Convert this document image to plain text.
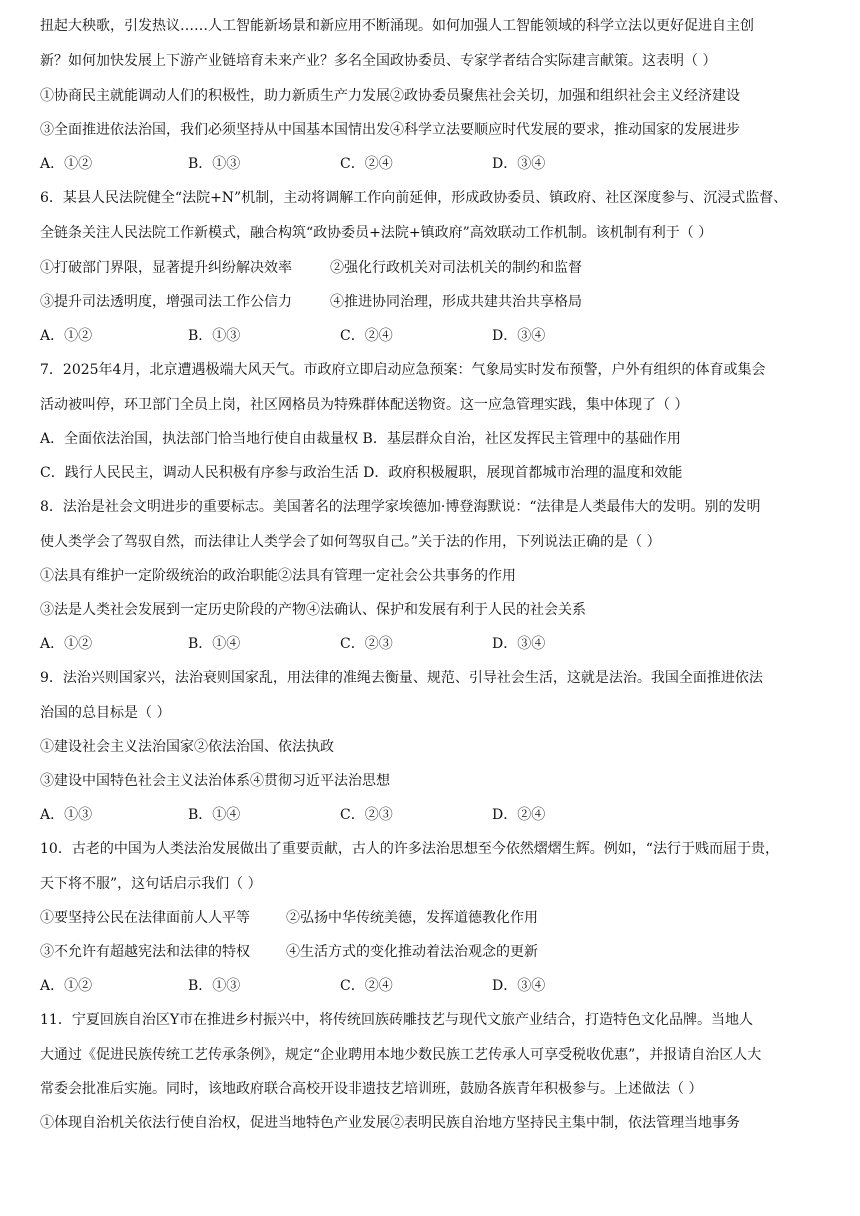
扭起大秧歌，引发热议……人工智能新场景和新应用不断涌现。如何加强人工智能领域的科学立法以更好促进自主创
新？如何加快发展上下游产业链培育未来产业？多名全国政协委员、专家学者结合实际建言献策。这表明（ ）
①协商民主就能调动人们的积极性，助力新质生产力发展②政协委员聚焦社会关切，加强和组织社会主义经济建设
③全面推进依法治国，我们必须坚持从中国基本国情出发④科学立法要顺应时代发展的要求，推动国家的发展进步
A．①②	B．①③	C．②④	D．③④
6．某县人民法院健全“法院+N”机制，主动将调解工作向前延伸，形成政协委员、镇政府、社区深度参与、沉浸式监督、
全链条关注人民法院工作新模式，融合构筑“政协委员+法院+镇政府”高效联动工作机制。该机制有利于（ ）
①打破部门界限，显著提升纠纷解决效率	②强化行政机关对司法机关的制约和监督
③提升司法透明度，增强司法工作公信力	④推进协同治理，形成共建共治共享格局
A．①②	B．①③	C．②④	D．③④
7．2025年4月，北京遭遇极端大风天气。市政府立即启动应急预案：气象局实时发布预警，户外有组织的体育或集会
活动被叫停，环卫部门全员上岗，社区网格员为特殊群体配送物资。这一应急管理实践，集中体现了（ ）
A．全面依法治国，执法部门恰当地行使自由裁量权 B．基层群众自治，社区发挥民主管理中的基础作用
C．践行人民民主，调动人民积极有序参与政治生活 D．政府积极履职，展现首都城市治理的温度和效能
8．法治是社会文明进步的重要标志。美国著名的法理学家埃德加·博登海默说：“法律是人类最伟大的发明。别的发明
使人类学会了驾驭自然，而法律让人类学会了如何驾驭自己。”关于法的作用，下列说法正确的是（ ）
①法具有维护一定阶级统治的政治职能②法具有管理一定社会公共事务的作用
③法是人类社会发展到一定历史阶段的产物④法确认、保护和发展有利于人民的社会关系
A．①②	B．①④	C．②③	D．③④
9．法治兴则国家兴，法治衰则国家乱，用法律的准绳去衡量、规范、引导社会生活，这就是法治。我国全面推进依法
治国的总目标是（ ）
①建设社会主义法治国家②依法治国、依法执政
③建设中国特色社会主义法治体系④贯彻习近平法治思想
A．①③	B．①④	C．②③	D．②④
10．古老的中国为人类法治发展做出了重要贡献，古人的许多法治思想至今依然熠熠生辉。例如，“法行于贱而屈于贵，
天下将不服”，这句话启示我们（ ）
①要坚持公民在法律面前人人平等	②弘扬中华传统美德，发挥道德教化作用
③不允许有超越宪法和法律的特权	④生活方式的变化推动着法治观念的更新
A．①②	B．①③	C．②④	D．③④
11．宁夏回族自治区Y市在推进乡村振兴中，将传统回族砖雕技艺与现代文旅产业结合，打造特色文化品牌。当地人
大通过《促进民族传统工艺传承条例》，规定“企业聘用本地少数民族工艺传承人可享受税收优惠”，并报请自治区人大
常委会批准后实施。同时，该地政府联合高校开设非遗技艺培训班，鼓励各族青年积极参与。上述做法（ ）
①体现自治机关依法行使自治权，促进当地特色产业发展②表明民族自治地方坚持民主集中制，依法管理当地事务
